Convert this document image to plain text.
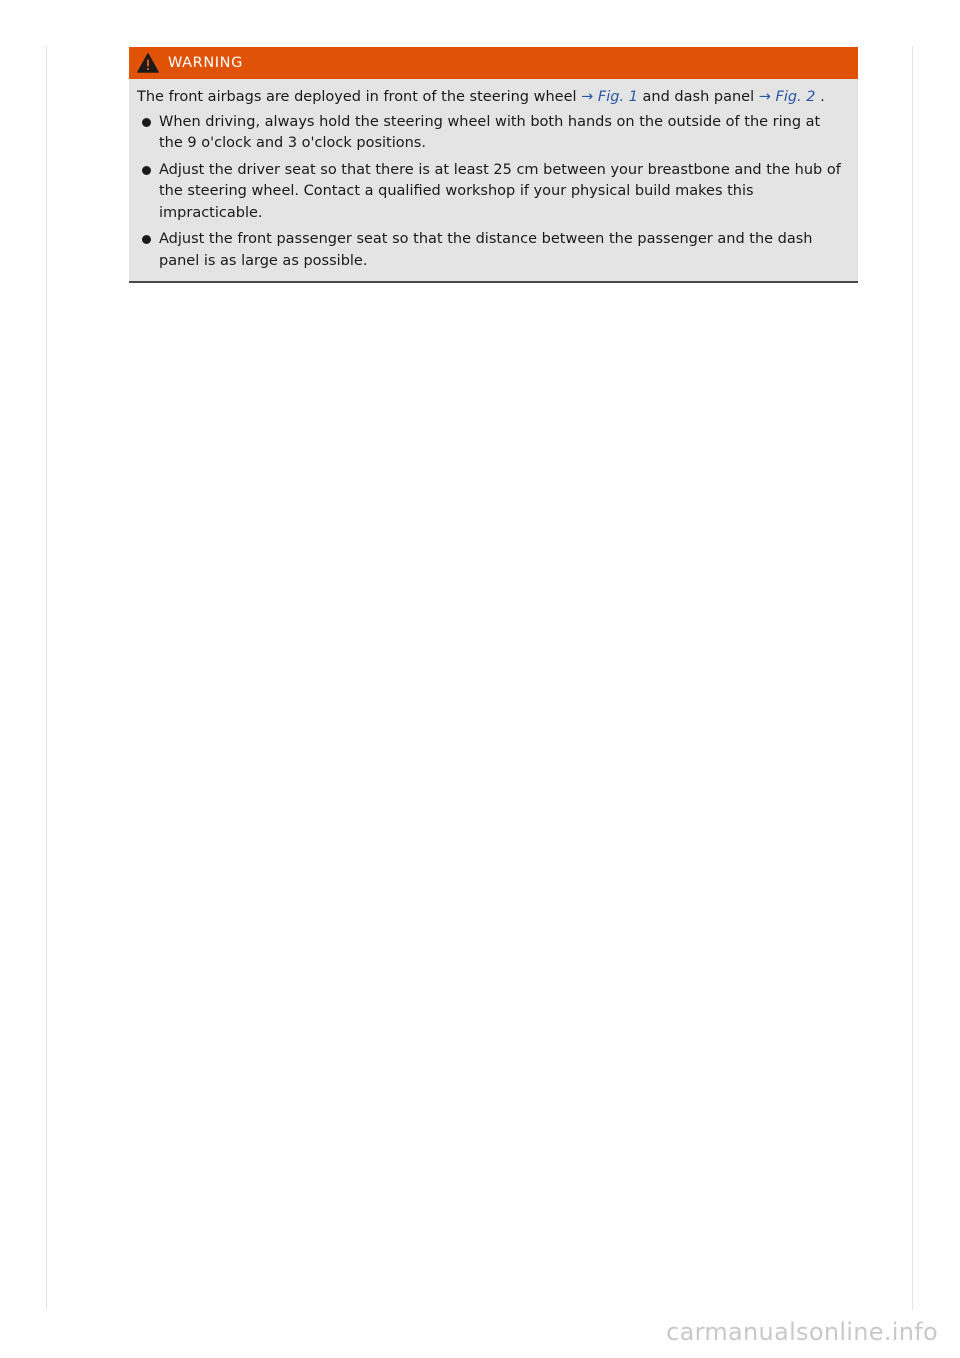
WARNING

The front airbags are deployed in front of the steering wheel → Fig. 1 and dash panel → Fig. 2 .

When driving, always hold the steering wheel with both hands on the outside of the ring at the 9 o'clock and 3 o'clock positions.
Adjust the driver seat so that there is at least 25 cm between your breastbone and the hub of the steering wheel. Contact a qualified workshop if your physical build makes this impracticable.
Adjust the front passenger seat so that the distance between the passenger and the dash panel is as large as possible.
carmanualsonline.info
